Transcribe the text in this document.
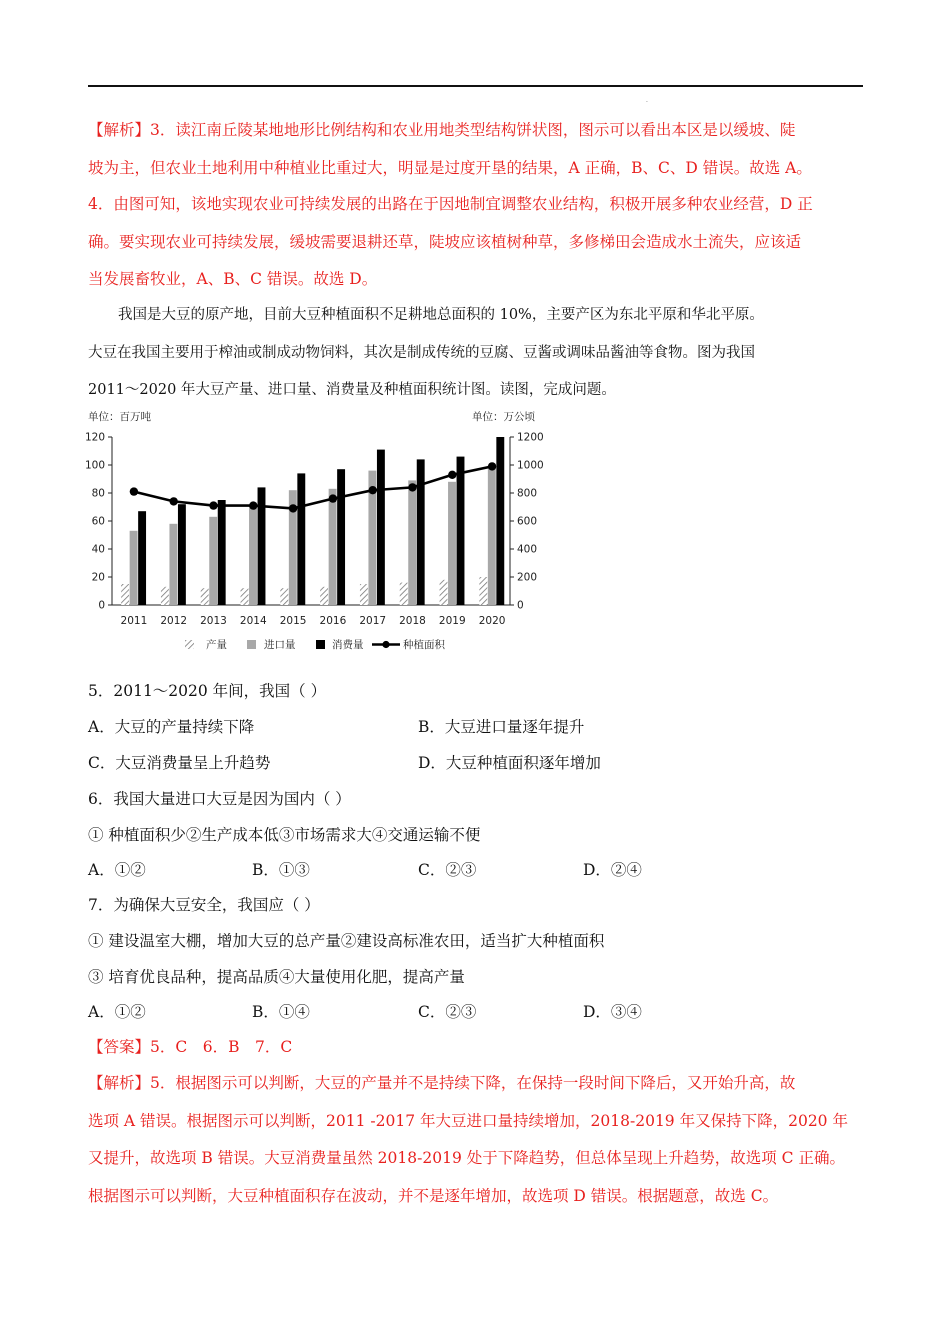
.
【解析】3．读江南丘陵某地地形比例结构和农业用地类型结构饼状图，图示可以看出本区是以缓坡、陡
坡为主，但农业土地利用中种植业比重过大，明显是过度开垦的结果，A 正确，B、C、D 错误。故选 A。
4．由图可知，该地实现农业可持续发展的出路在于因地制宜调整农业结构，积极开展多种农业经营，D 正
确。要实现农业可持续发展，缓坡需要退耕还草，陡坡应该植树种草，多修梯田会造成水土流失，应该适
当发展畜牧业，A、B、C 错误。故选 D。
我国是大豆的原产地，目前大豆种植面积不足耕地总面积的 10%，主要产区为东北平原和华北平原。
大豆在我国主要用于榨油或制成动物饲料，其次是制成传统的豆腐、豆酱或调味品酱油等食物。图为我国
2011～2020 年大豆产量、进口量、消费量及种植面积统计图。读图，完成问题。
单位：百万吨	单位：万公顷
0
20
40
60
80
100
120
0
200
400
600
800
1000
1200
2011 2012 2013 2014 2015 2016 2017 2018 2019 2020
产量	进口量	消费量	种植面积
5．2011～2020 年间，我国（ ）
A．大豆的产量持续下降	B．大豆进口量逐年提升
C．大豆消费量呈上升趋势	D．大豆种植面积逐年增加
6．我国大量进口大豆是因为国内（ ）
① 种植面积少②生产成本低③市场需求大④交通运输不便
A．①②	B．①③	C．②③	D．②④
7．为确保大豆安全，我国应（ ）
① 建设温室大棚，增加大豆的总产量②建设高标准农田，适当扩大种植面积
③ 培育优良品种，提高品质④大量使用化肥，提高产量
A．①②	B．①④	C．②③	D．③④
【答案】5．C　6．B　7．C
【解析】5．根据图示可以判断，大豆的产量并不是持续下降，在保持一段时间下降后，又开始升高，故
选项 A 错误。根据图示可以判断，2011 -2017 年大豆进口量持续增加，2018-2019 年又保持下降，2020 年
又提升，故选项 B 错误。大豆消费量虽然 2018-2019 处于下降趋势，但总体呈现上升趋势，故选项 C 正确。
根据图示可以判断，大豆种植面积存在波动，并不是逐年增加，故选项 D 错误。根据题意，故选 C。
